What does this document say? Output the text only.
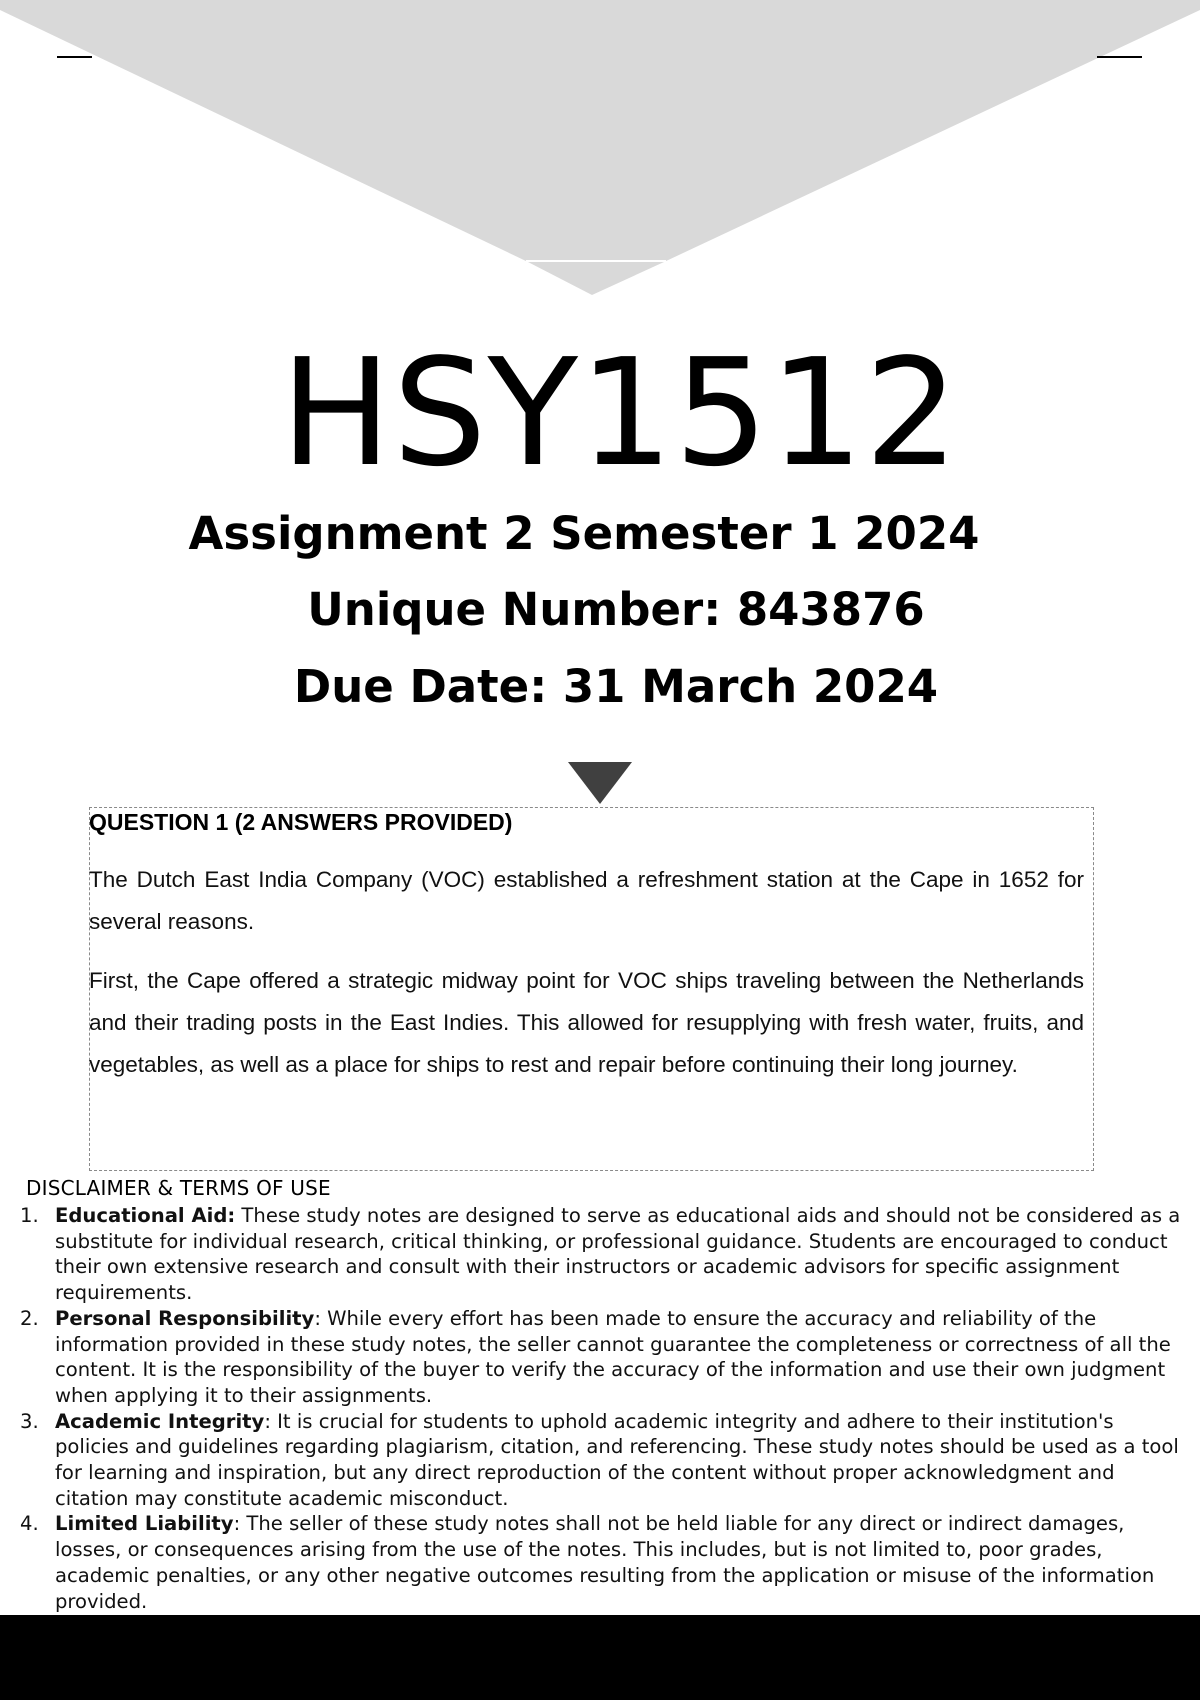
HSY1512
Assignment 2 Semester 1 2024
Unique Number: 843876
Due Date: 31 March 2024
QUESTION 1 (2 ANSWERS PROVIDED)
The Dutch East India Company (VOC) established a refreshment station at the Cape in 1652 for several reasons.
First, the Cape offered a strategic midway point for VOC ships traveling between the Netherlands and their trading posts in the East Indies. This allowed for resupplying with fresh water, fruits, and vegetables, as well as a place for ships to rest and repair before continuing their long journey.
DISCLAIMER & TERMS OF USE
1. Educational Aid: These study notes are designed to serve as educational aids and should not be considered as a substitute for individual research, critical thinking, or professional guidance. Students are encouraged to conduct their own extensive research and consult with their instructors or academic advisors for specific assignment requirements.
2. Personal Responsibility: While every effort has been made to ensure the accuracy and reliability of the information provided in these study notes, the seller cannot guarantee the completeness or correctness of all the content. It is the responsibility of the buyer to verify the accuracy of the information and use their own judgment when applying it to their assignments.
3. Academic Integrity: It is crucial for students to uphold academic integrity and adhere to their institution's policies and guidelines regarding plagiarism, citation, and referencing. These study notes should be used as a tool for learning and inspiration, but any direct reproduction of the content without proper acknowledgment and citation may constitute academic misconduct.
4. Limited Liability: The seller of these study notes shall not be held liable for any direct or indirect damages, losses, or consequences arising from the use of the notes. This includes, but is not limited to, poor grades, academic penalties, or any other negative outcomes resulting from the application or misuse of the information provided.
